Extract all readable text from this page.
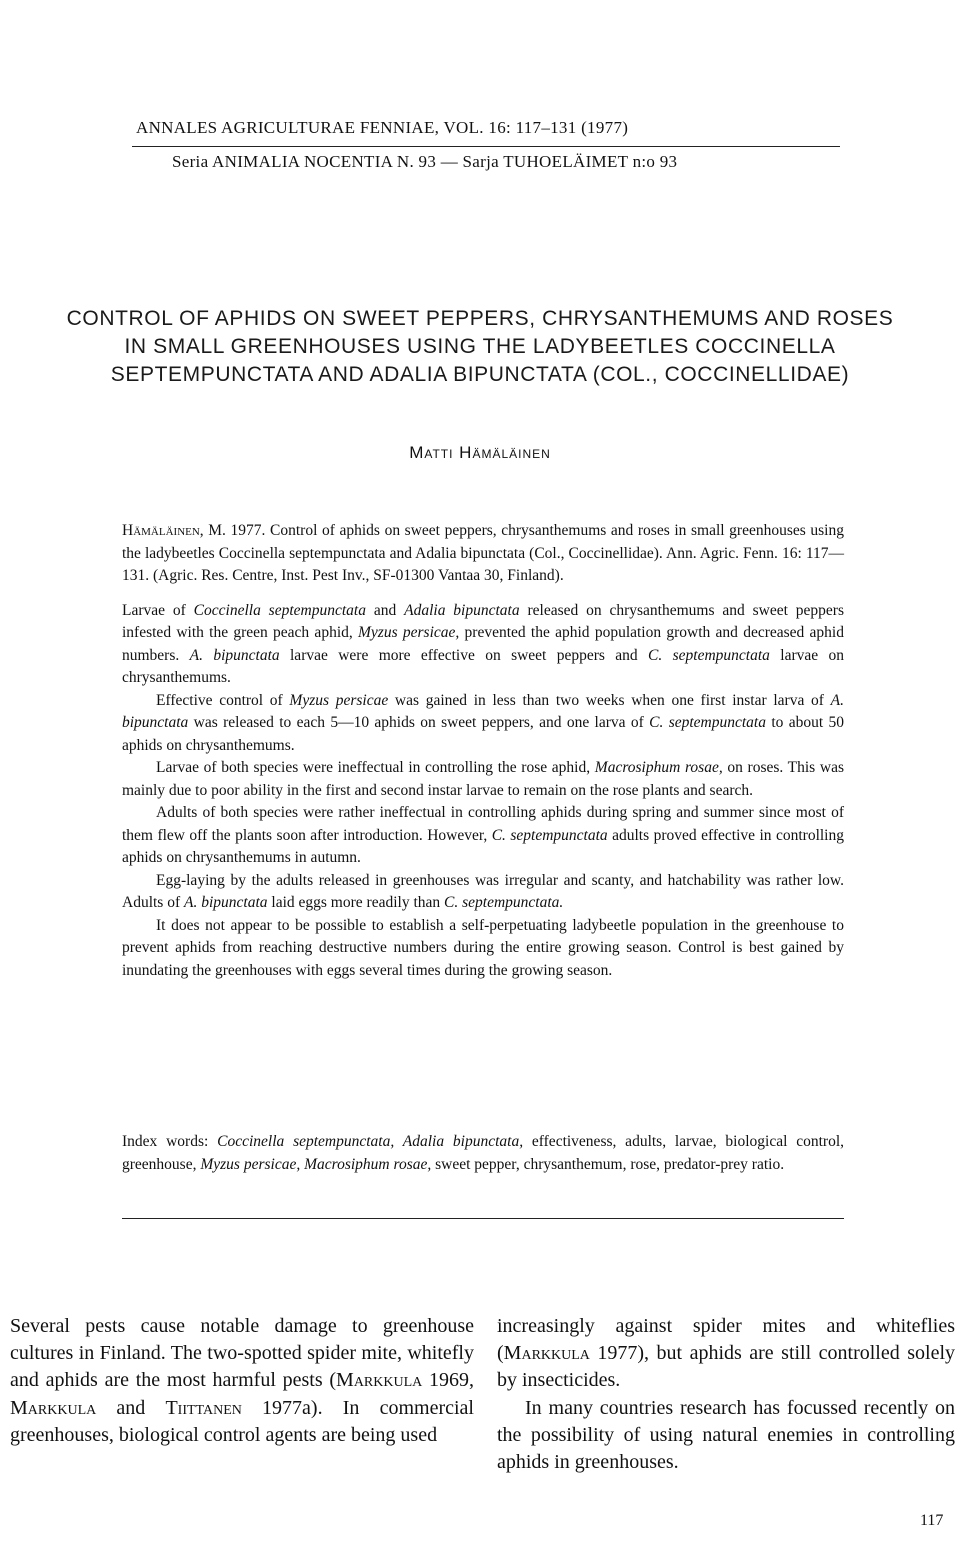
ANNALES AGRICULTURAE FENNIAE, VOL. 16: 117–131 (1977)
Seria ANIMALIA NOCENTIA N. 93 — Sarja TUHOELÄIMET n:o 93
CONTROL OF APHIDS ON SWEET PEPPERS, CHRYSANTHEMUMS AND ROSES
IN SMALL GREENHOUSES USING THE LADYBEETLES COCCINELLA
SEPTEMPUNCTATA AND ADALIA BIPUNCTATA (COL., COCCINELLIDAE)
Matti Hämäläinen

Hämäläinen, M. 1977. Control of aphids on sweet peppers, chrysanthemums and roses in small greenhouses using the ladybeetles Coccinella septempunctata and Adalia bipunctata (Col., Coccinellidae). Ann. Agric. Fenn. 16: 117—131. (Agric. Res. Centre, Inst. Pest Inv., SF-01300 Vantaa 30, Finland).

Larvae of Coccinella septempunctata and Adalia bipunctata released on chrysanthemums and sweet peppers infested with the green peach aphid, Myzus persicae, prevented the aphid population growth and decreased aphid numbers. A. bipunctata larvae were more effective on sweet peppers and C. septempunctata larvae on chrysanthemums.

Effective control of Myzus persicae was gained in less than two weeks when one first instar larva of A. bipunctata was released to each 5—10 aphids on sweet peppers, and one larva of C. septempunctata to about 50 aphids on chrysanthemums.

Larvae of both species were ineffectual in controlling the rose aphid, Macrosiphum rosae, on roses. This was mainly due to poor ability in the first and second instar larvae to remain on the rose plants and search.

Adults of both species were rather ineffectual in controlling aphids during spring and summer since most of them flew off the plants soon after introduction. However, C. septempunctata adults proved effective in controlling aphids on chrysanthemums in autumn.

Egg-laying by the adults released in greenhouses was irregular and scanty, and hatchability was rather low. Adults of A. bipunctata laid eggs more readily than C. septempunctata.

It does not appear to be possible to establish a self-perpetuating ladybeetle population in the greenhouse to prevent aphids from reaching destructive numbers during the entire growing season. Control is best gained by inundating the greenhouses with eggs several times during the growing season.

Index words: Coccinella septempunctata, Adalia bipunctata, effectiveness, adults, larvae, biological control, greenhouse, Myzus persicae, Macrosiphum rosae, sweet pepper, chrysanthemum, rose, predator-prey ratio.

Several pests cause notable damage to greenhouse cultures in Finland. The two-spotted spider mite, whitefly and aphids are the most harmful pests (Markkula 1969, Markkula and Tiittanen 1977a). In commercial greenhouses, biological control agents are being used

increasingly against spider mites and whiteflies (Markkula 1977), but aphids are still controlled solely by insecticides.

In many countries research has focussed recently on the possibility of using natural enemies in controlling aphids in greenhouses.

117
